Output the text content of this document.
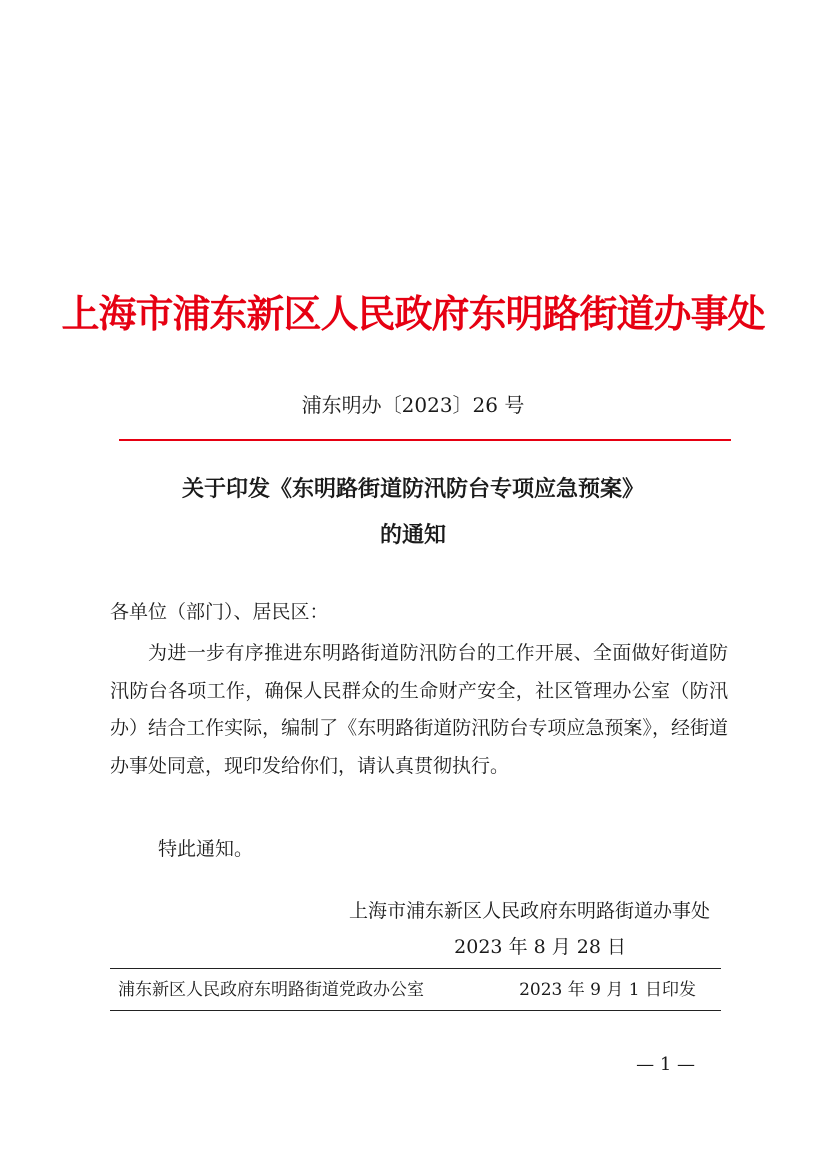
上海市浦东新区人民政府东明路街道办事处
浦东明办〔2023〕26 号
关于印发《东明路街道防汛防台专项应急预案》
的通知
各单位（部门）、居民区：
为进一步有序推进东明路街道防汛防台的工作开展、全面做好街道防汛防台各项工作，确保人民群众的生命财产安全，社区管理办公室（防汛办）结合工作实际，编制了《东明路街道防汛防台专项应急预案》，经街道办事处同意，现印发给你们，请认真贯彻执行。
特此通知。
上海市浦东新区人民政府东明路街道办事处
2023 年 8 月 28 日
浦东新区人民政府东明路街道党政办公室	2023 年 9 月 1 日印发
— 1 —
